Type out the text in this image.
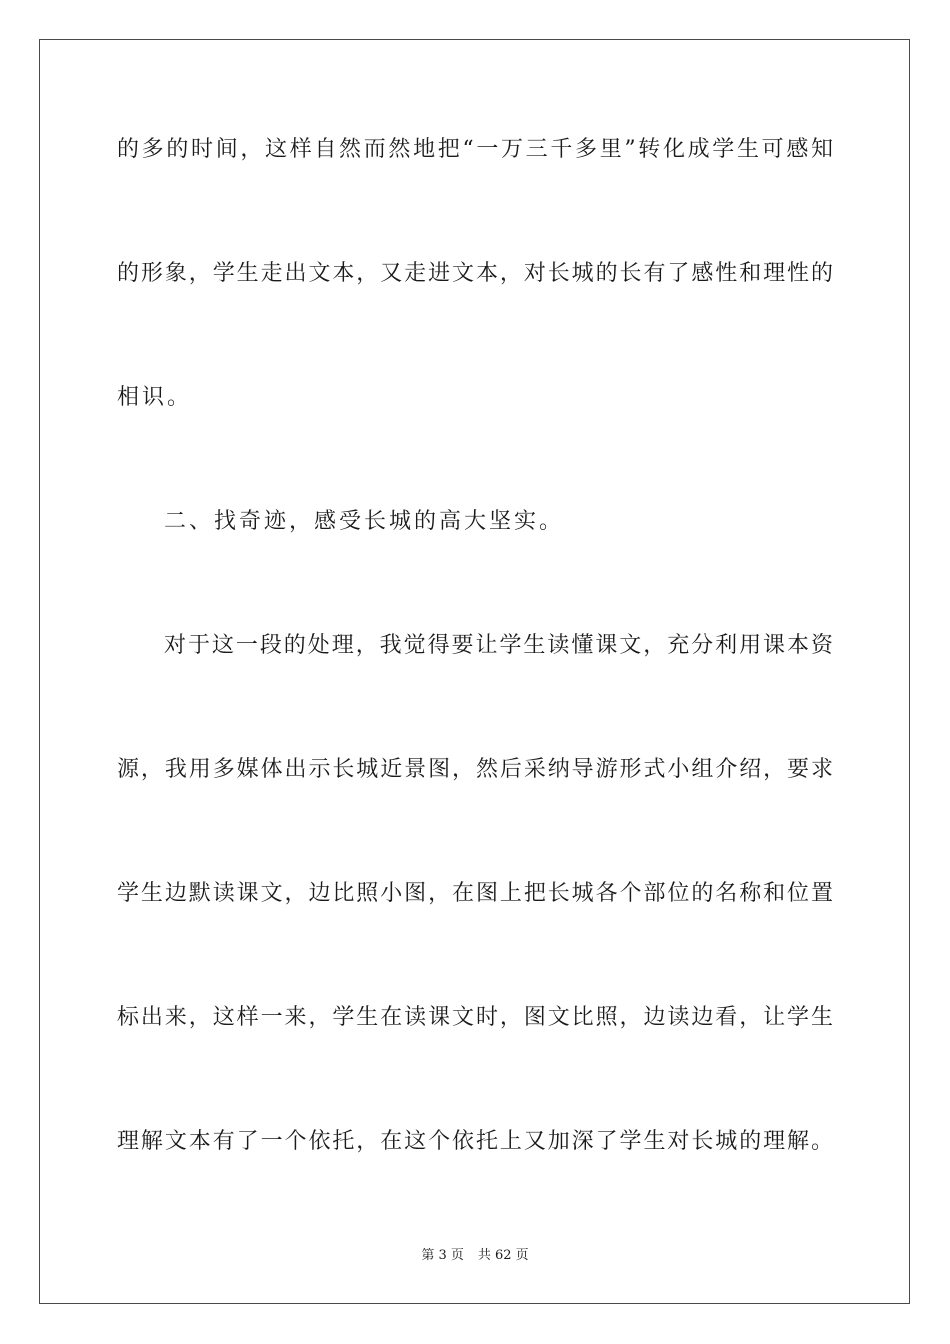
的多的时间，这样自然而然地把“一万三千多里”转化成学生可感知
的形象，学生走出文本，又走进文本，对长城的长有了感性和理性的
相识。
二、找奇迹，感受长城的高大坚实。
对于这一段的处理，我觉得要让学生读懂课文，充分利用课本资
源，我用多媒体出示长城近景图，然后采纳导游形式小组介绍，要求
学生边默读课文，边比照小图，在图上把长城各个部位的名称和位置
标出来，这样一来，学生在读课文时，图文比照，边读边看，让学生
理解文本有了一个依托，在这个依托上又加深了学生对长城的理解。
第 3 页 共 62 页
